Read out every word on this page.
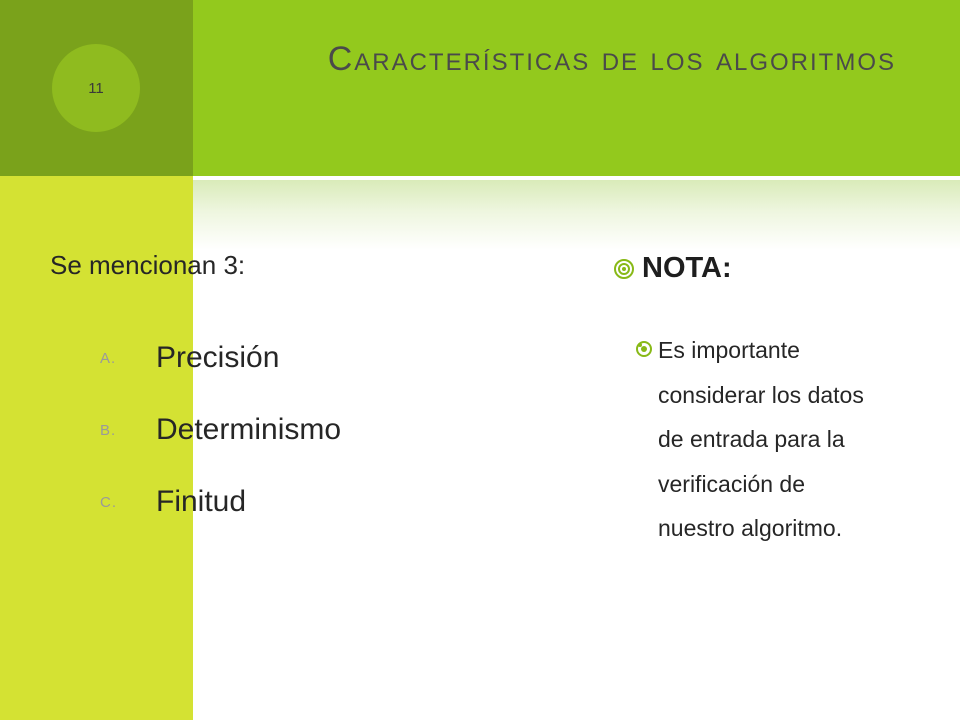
11
Características de los algoritmos
Se mencionan 3:
A.	Precisión
B.	Determinismo
C.	Finitud
NOTA:
Es importante considerar los datos de entrada para la verificación de nuestro algoritmo.
